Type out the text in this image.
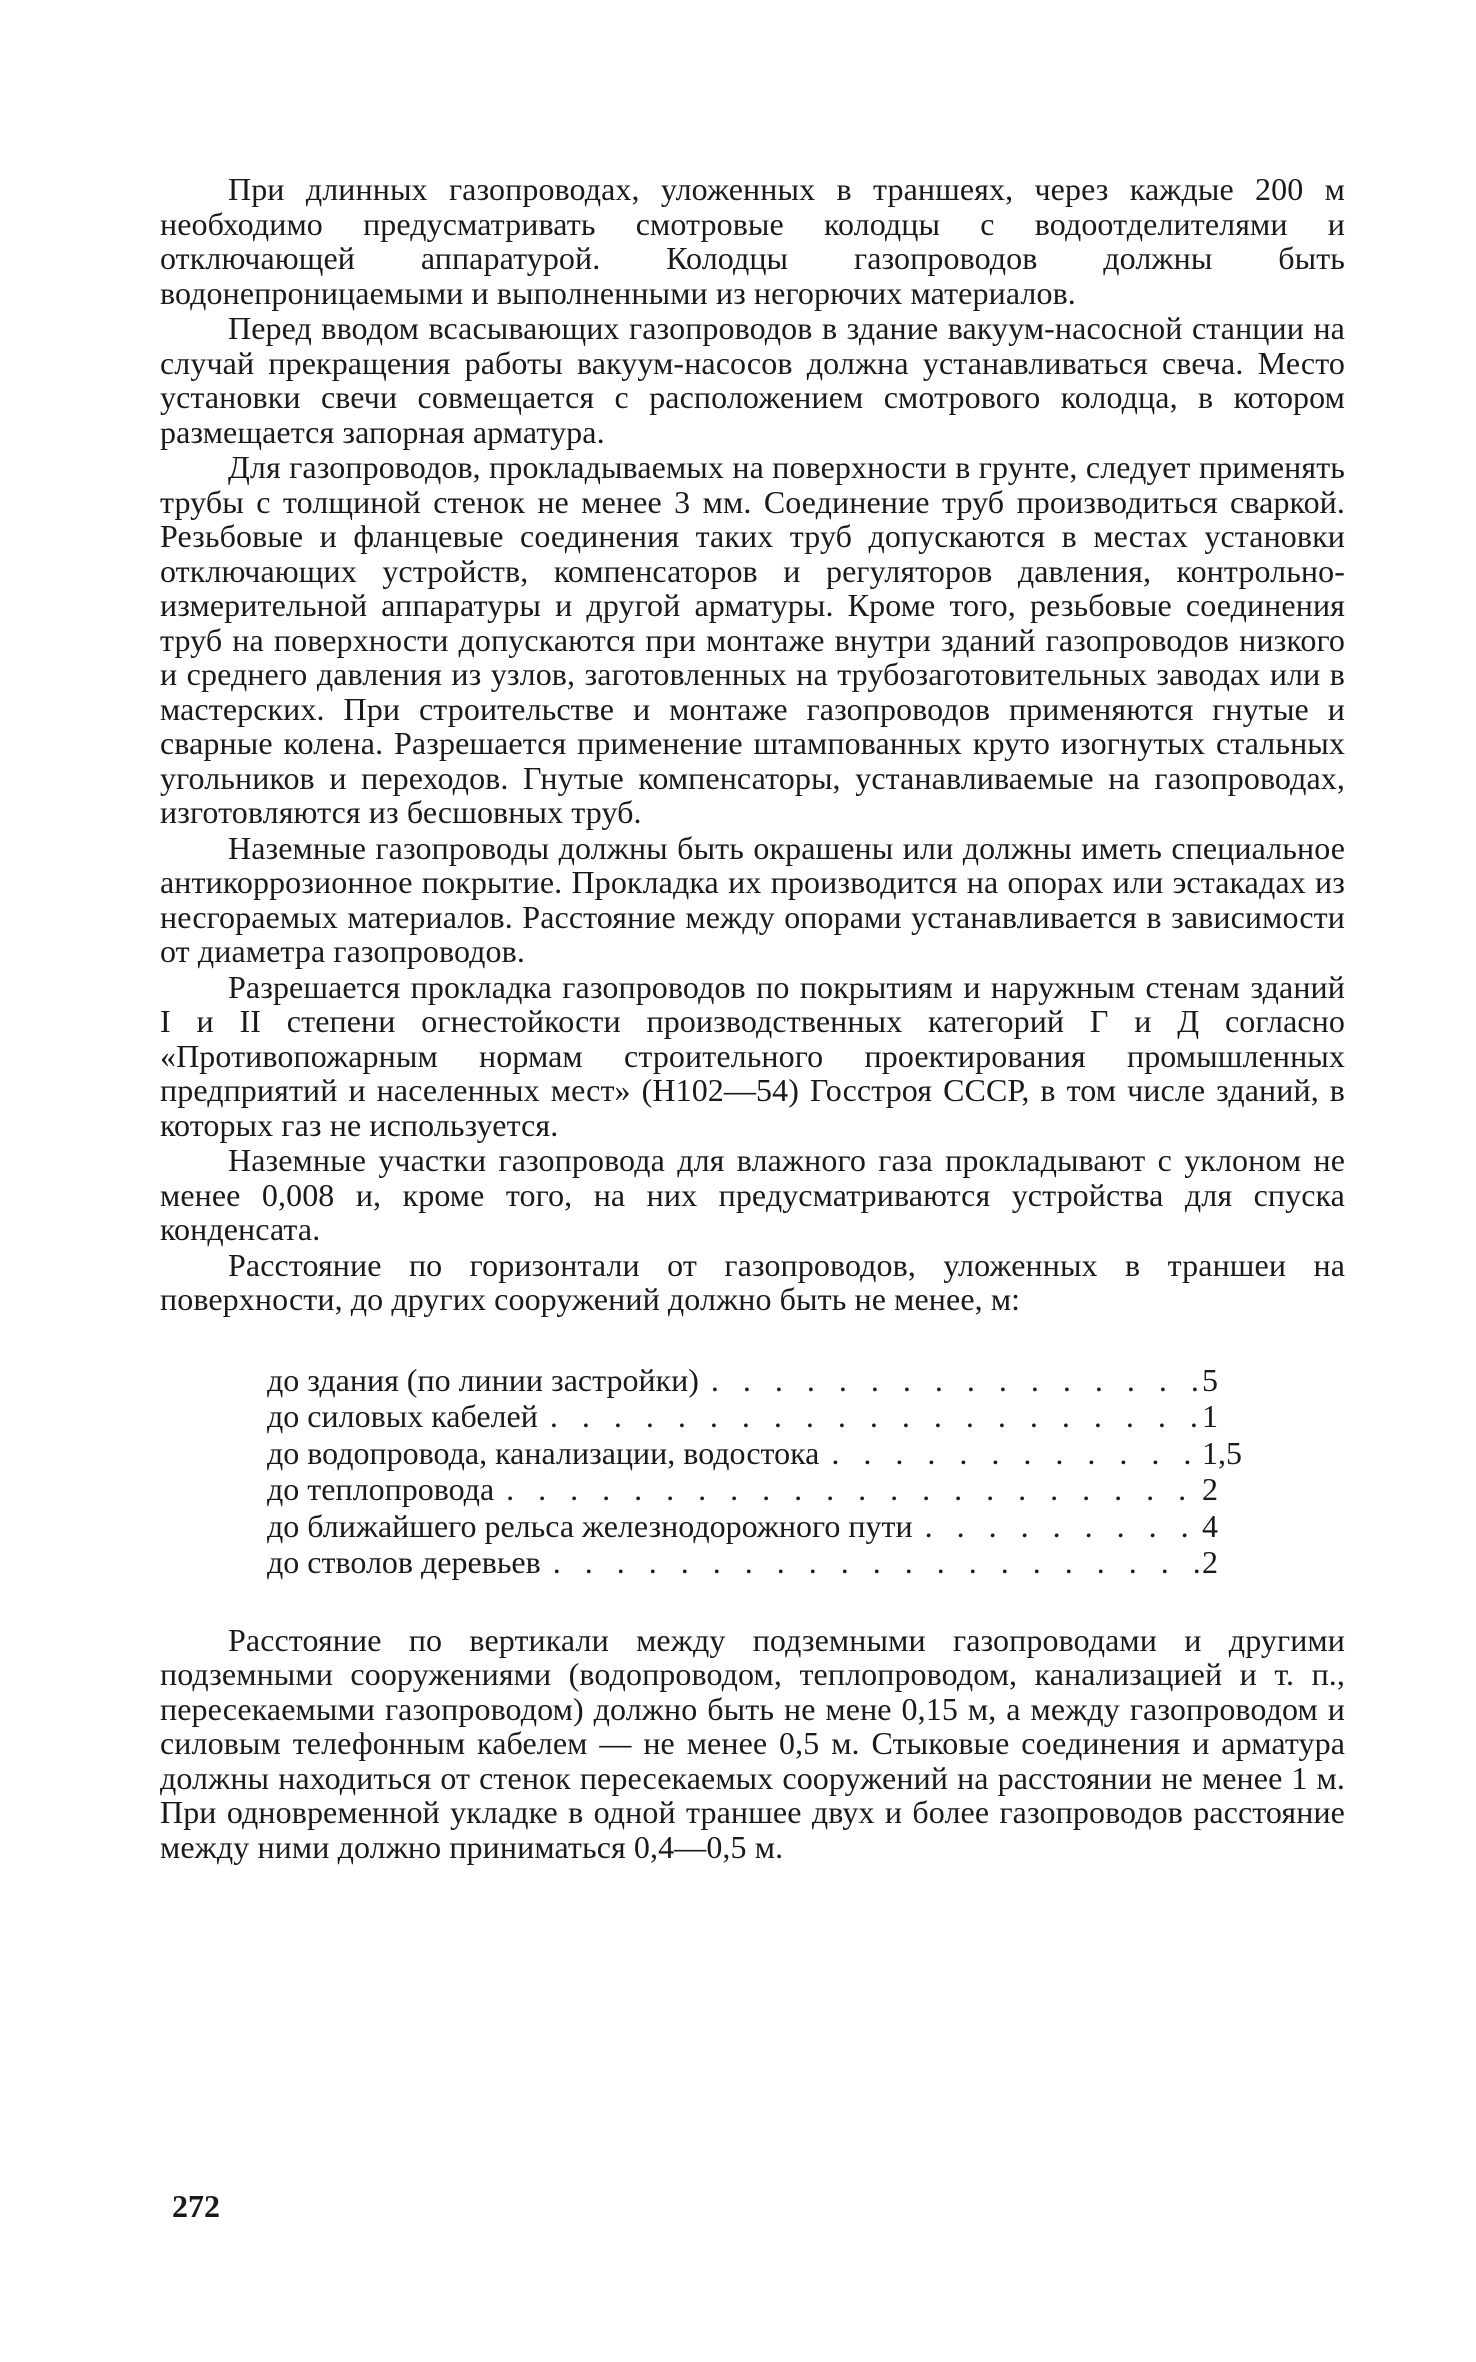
При длинных газопроводах, уложенных в траншеях, через каждые 200 м необходимо предусматривать смотровые колодцы с водоотделителями и отключающей аппаратурой. Колодцы газопроводов должны быть водонепроницаемыми и выполненными из негорючих материалов.

Перед вводом всасывающих газопроводов в здание вакуум-насосной станции на случай прекращения работы вакуум-насосов должна устанавливаться свеча. Место установки свечи совмещается с расположением смотрового колодца, в котором размещается запорная арматура.

Для газопроводов, прокладываемых на поверхности в грунте, следует применять трубы с толщиной стенок не менее 3 мм. Соединение труб производиться сваркой. Резьбовые и фланцевые соединения таких труб допускаются в местах установки отключающих устройств, компенсаторов и регуляторов давления, контрольно-измерительной аппаратуры и другой арматуры. Кроме того, резьбовые соединения труб на поверхности допускаются при монтаже внутри зданий газопроводов низкого и среднего давления из узлов, заготовленных на трубозаготовительных заводах или в мастерских. При строительстве и монтаже газопроводов применяются гнутые и сварные колена. Разрешается применение штампованных круто изогнутых стальных угольников и переходов. Гнутые компенсаторы, устанавливаемые на газопроводах, изготовляются из бесшовных труб.

Наземные газопроводы должны быть окрашены или должны иметь специальное антикоррозионное покрытие. Прокладка их производится на опорах или эстакадах из несгораемых материалов. Расстояние между опорами устанавливается в зависимости от диаметра газопроводов.

Разрешается прокладка газопроводов по покрытиям и наружным стенам зданий I и II степени огнестойкости производственных категорий Г и Д согласно «Противопожарным нормам строительного проектирования промышленных предприятий и населенных мест» (Н102—54) Госстроя СССР, в том числе зданий, в которых газ не используется.

Наземные участки газопровода для влажного газа прокладывают с уклоном не менее 0,008 и, кроме того, на них предусматриваются устройства для спуска конденсата.

Расстояние по горизонтали от газопроводов, уложенных в траншеи на поверхности, до других сооружений должно быть не менее, м:

до здания (по линии застройки) . . .	5
до силовых кабелей . . .	1
до водопровода, канализации, водостока . . .	1,5
до теплопровода . . .	2
до ближайшего рельса железнодорожного пути . . .	4
до стволов деревьев . . .	2

Расстояние по вертикали между подземными газопроводами и другими подземными сооружениями (водопроводом, теплопроводом, канализацией и т. п., пересекаемыми газопроводом) должно быть не мене 0,15 м, а между газопроводом и силовым телефонным кабелем — не менее 0,5 м. Стыковые соединения и арматура должны находиться от стенок пересекаемых сооружений на расстоянии не менее 1 м. При одновременной укладке в одной траншее двух и более газопроводов расстояние между ними должно приниматься 0,4—0,5 м.

272
